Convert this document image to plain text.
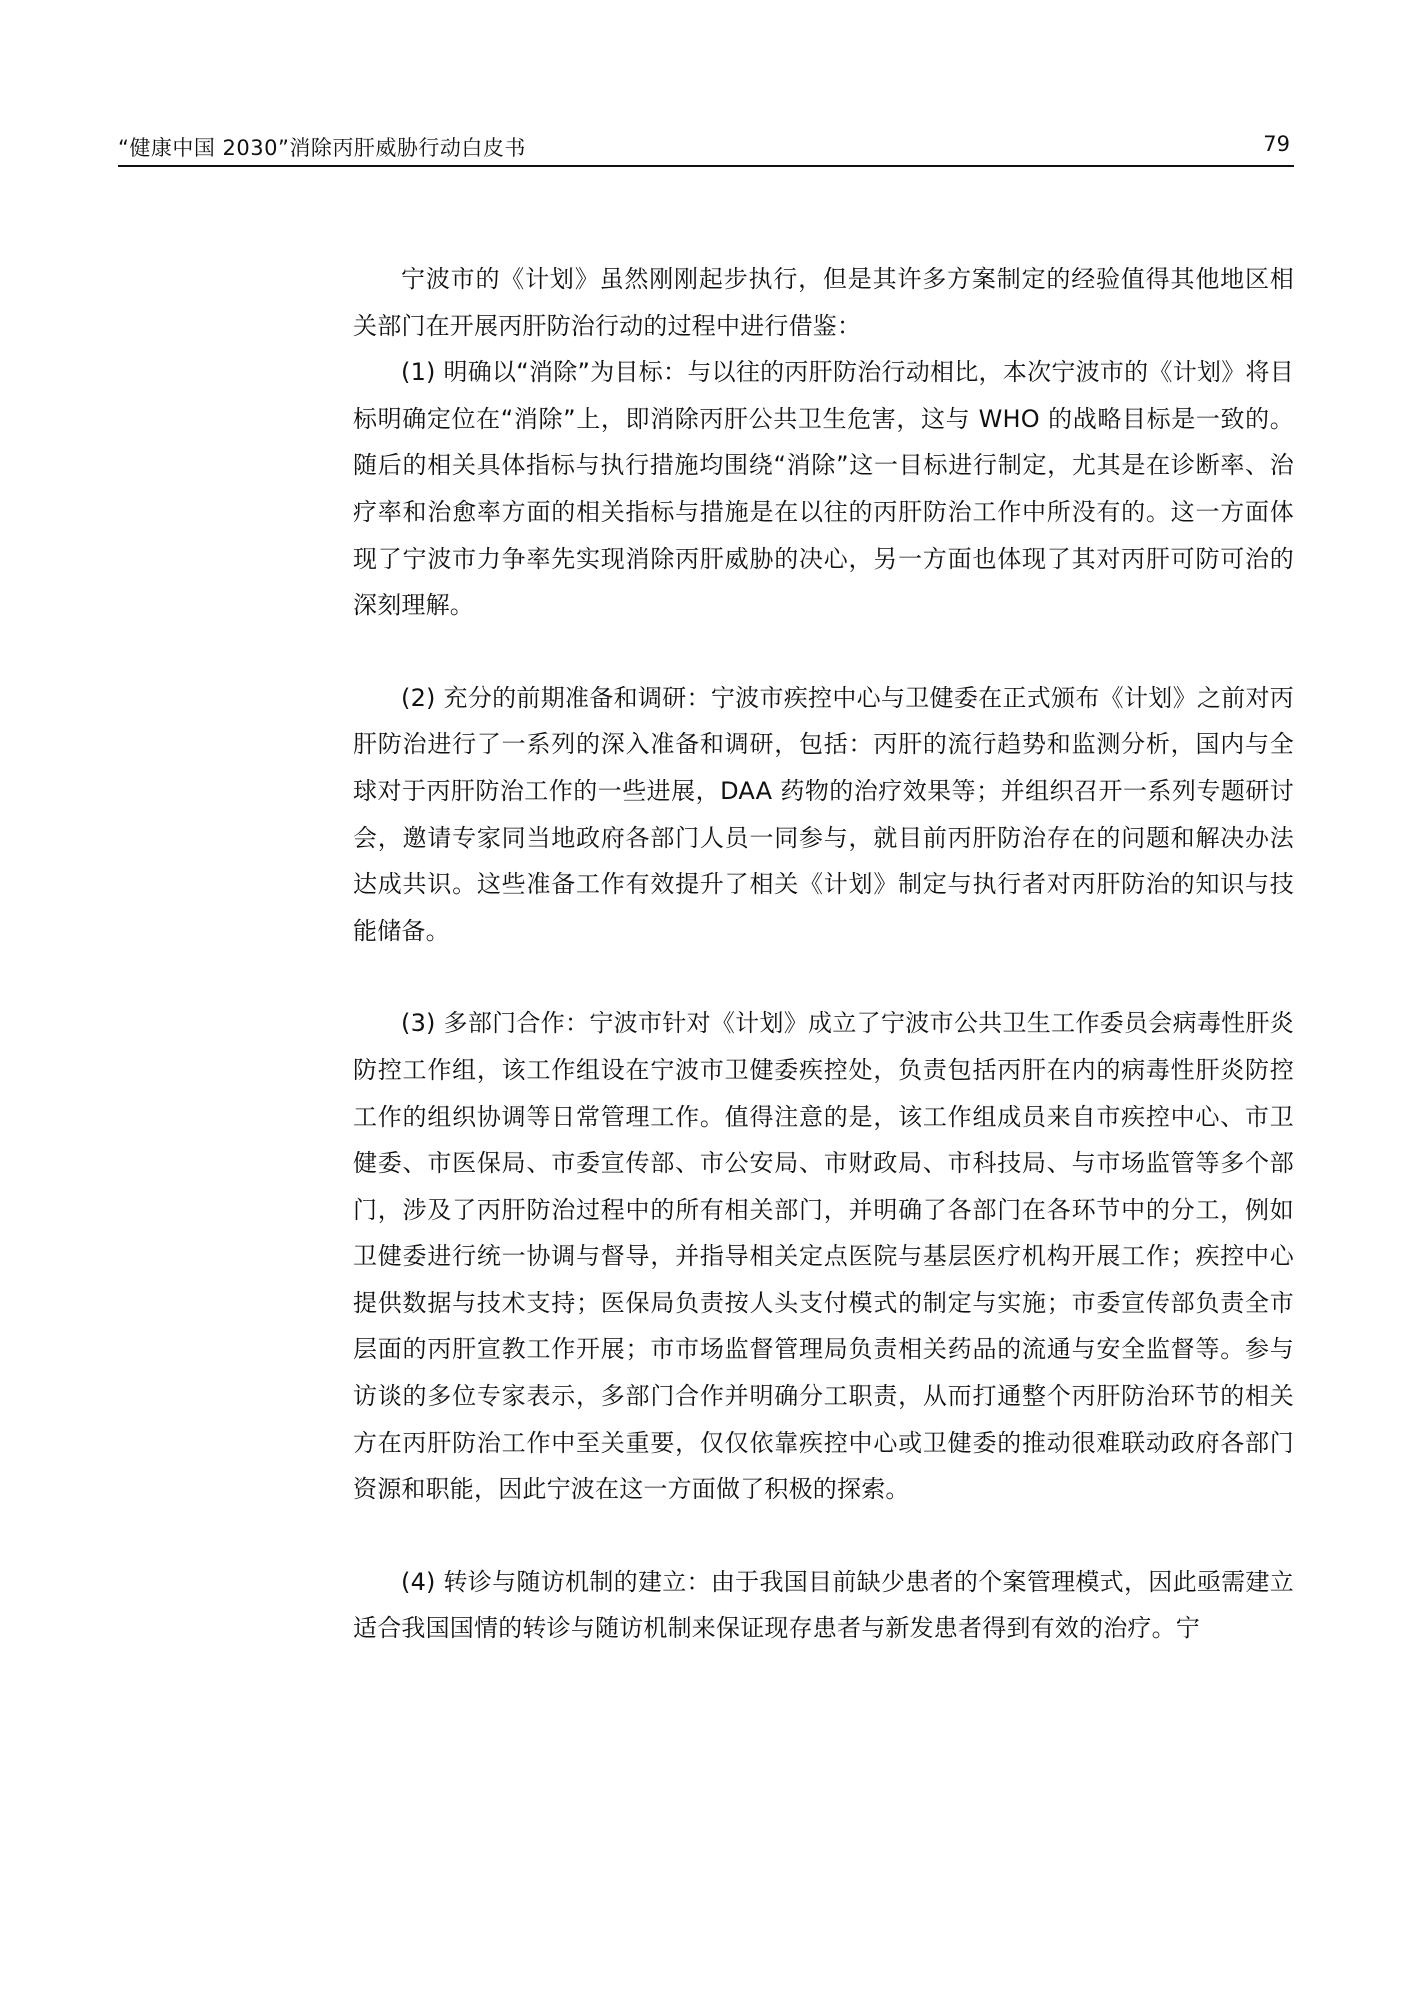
“健康中国 2030”消除丙肝威胁行动白皮书	79

宁波市的《计划》虽然刚刚起步执行，但是其许多方案制定的经验值得其他地区相关部门在开展丙肝防治行动的过程中进行借鉴：

(1) 明确以“消除”为目标：与以往的丙肝防治行动相比，本次宁波市的《计划》将目标明确定位在“消除”上，即消除丙肝公共卫生危害，这与 WHO 的战略目标是一致的。随后的相关具体指标与执行措施均围绕“消除”这一目标进行制定，尤其是在诊断率、治疗率和治愈率方面的相关指标与措施是在以往的丙肝防治工作中所没有的。这一方面体现了宁波市力争率先实现消除丙肝威胁的决心，另一方面也体现了其对丙肝可防可治的深刻理解。

(2) 充分的前期准备和调研：宁波市疾控中心与卫健委在正式颁布《计划》之前对丙肝防治进行了一系列的深入准备和调研，包括：丙肝的流行趋势和监测分析，国内与全球对于丙肝防治工作的一些进展，DAA 药物的治疗效果等；并组织召开一系列专题研讨会，邀请专家同当地政府各部门人员一同参与，就目前丙肝防治存在的问题和解决办法达成共识。这些准备工作有效提升了相关《计划》制定与执行者对丙肝防治的知识与技能储备。

(3) 多部门合作：宁波市针对《计划》成立了宁波市公共卫生工作委员会病毒性肝炎防控工作组，该工作组设在宁波市卫健委疾控处，负责包括丙肝在内的病毒性肝炎防控工作的组织协调等日常管理工作。值得注意的是，该工作组成员来自市疾控中心、市卫健委、市医保局、市委宣传部、市公安局、市财政局、市科技局、与市场监管等多个部门，涉及了丙肝防治过程中的所有相关部门，并明确了各部门在各环节中的分工，例如卫健委进行统一协调与督导，并指导相关定点医院与基层医疗机构开展工作；疾控中心提供数据与技术支持；医保局负责按人头支付模式的制定与实施；市委宣传部负责全市层面的丙肝宣教工作开展；市市场监督管理局负责相关药品的流通与安全监督等。参与访谈的多位专家表示，多部门合作并明确分工职责，从而打通整个丙肝防治环节的相关方在丙肝防治工作中至关重要，仅仅依靠疾控中心或卫健委的推动很难联动政府各部门资源和职能，因此宁波在这一方面做了积极的探索。

(4) 转诊与随访机制的建立：由于我国目前缺少患者的个案管理模式，因此亟需建立适合我国国情的转诊与随访机制来保证现存患者与新发患者得到有效的治疗。宁
